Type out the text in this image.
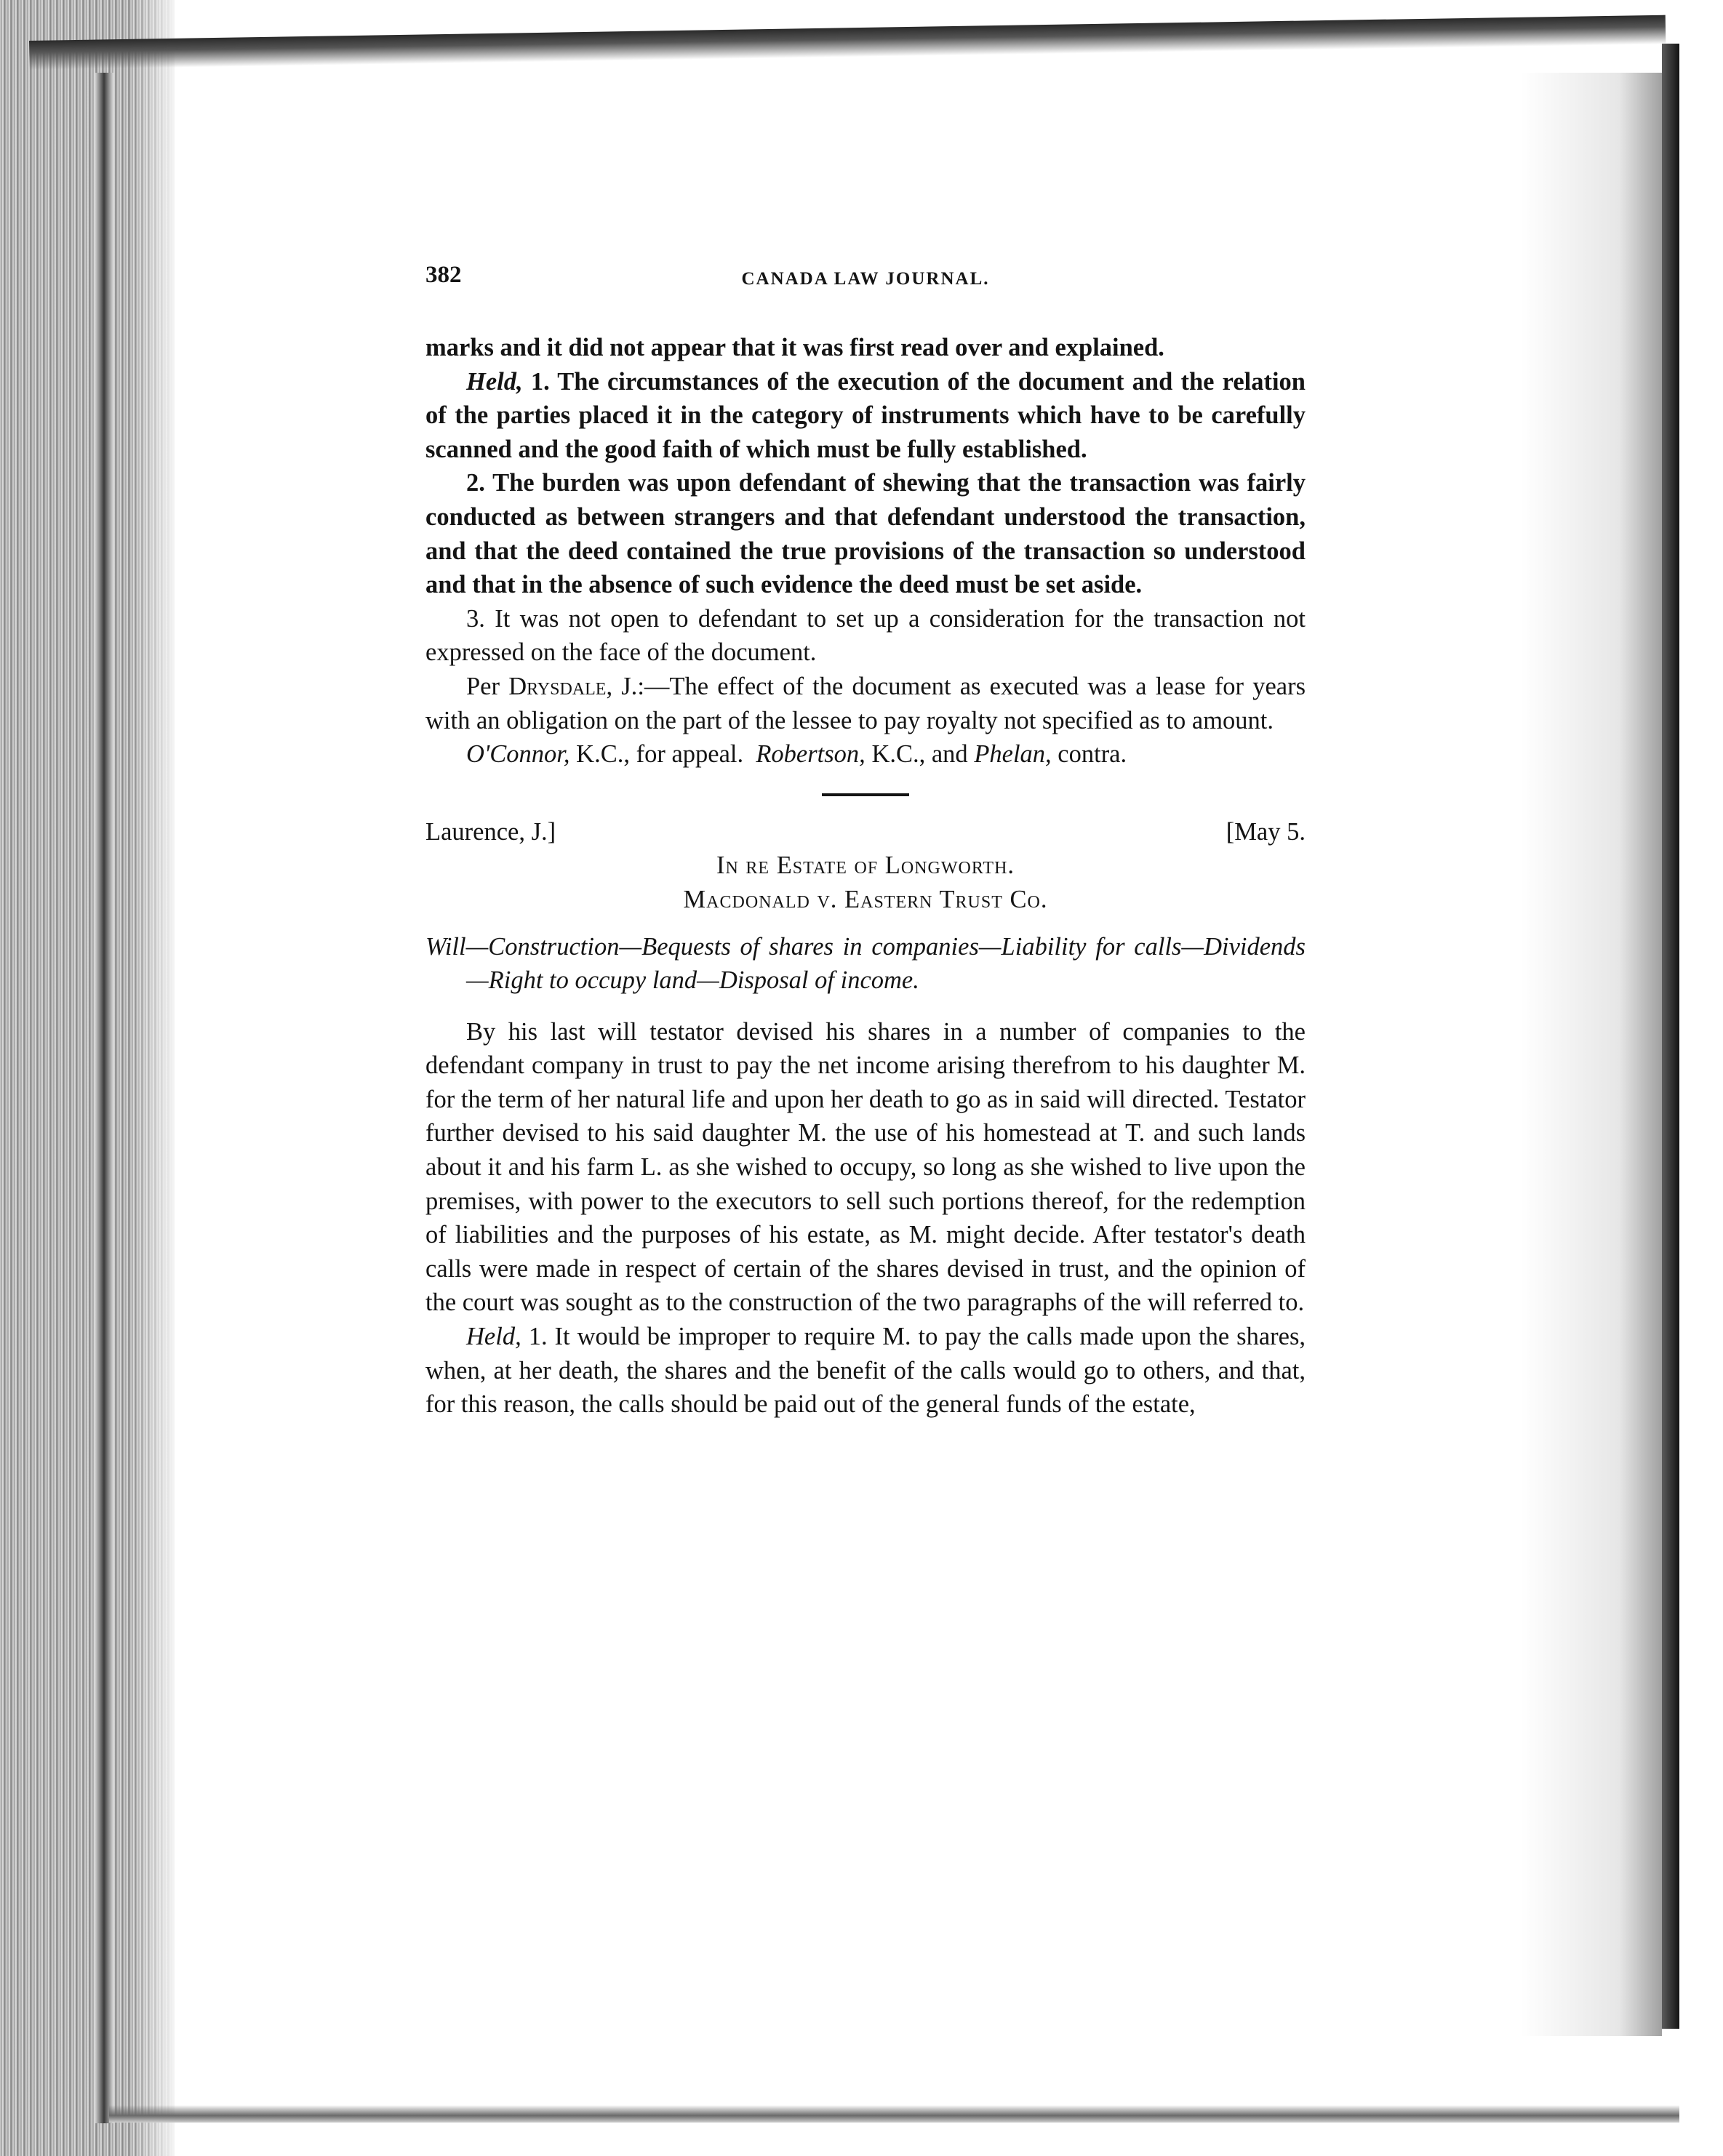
382	CANADA LAW JOURNAL.

marks and it did not appear that it was first read over and explained.

Held, 1. The circumstances of the execution of the document and the relation of the parties placed it in the category of instruments which have to be carefully scanned and the good faith of which must be fully established.

2. The burden was upon defendant of shewing that the transaction was fairly conducted as between strangers and that defendant understood the transaction, and that the deed contained the true provisions of the transaction so understood and that in the absence of such evidence the deed must be set aside.

3. It was not open to defendant to set up a consideration for the transaction not expressed on the face of the document.

Per Drysdale, J.:—The effect of the document as executed was a lease for years with an obligation on the part of the lessee to pay royalty not specified as to amount.

O'Connor, K.C., for appeal. Robertson, K.C., and Phelan, contra.

Laurence, J.]	[May 5.
In re Estate of Longworth.
Macdonald v. Eastern Trust Co.

Will—Construction—Bequests of shares in companies—Liability for calls—Dividends—Right to occupy land—Disposal of income.

By his last will testator devised his shares in a number of companies to the defendant company in trust to pay the net income arising therefrom to his daughter M. for the term of her natural life and upon her death to go as in said will directed. Testator further devised to his said daughter M. the use of his homestead at T. and such lands about it and his farm L. as she wished to occupy, so long as she wished to live upon the premises, with power to the executors to sell such portions thereof, for the redemption of liabilities and the purposes of his estate, as M. might decide. After testator's death calls were made in respect of certain of the shares devised in trust, and the opinion of the court was sought as to the construction of the two paragraphs of the will referred to.

Held, 1. It would be improper to require M. to pay the calls made upon the shares, when, at her death, the shares and the benefit of the calls would go to others, and that, for this reason, the calls should be paid out of the general funds of the estate,
